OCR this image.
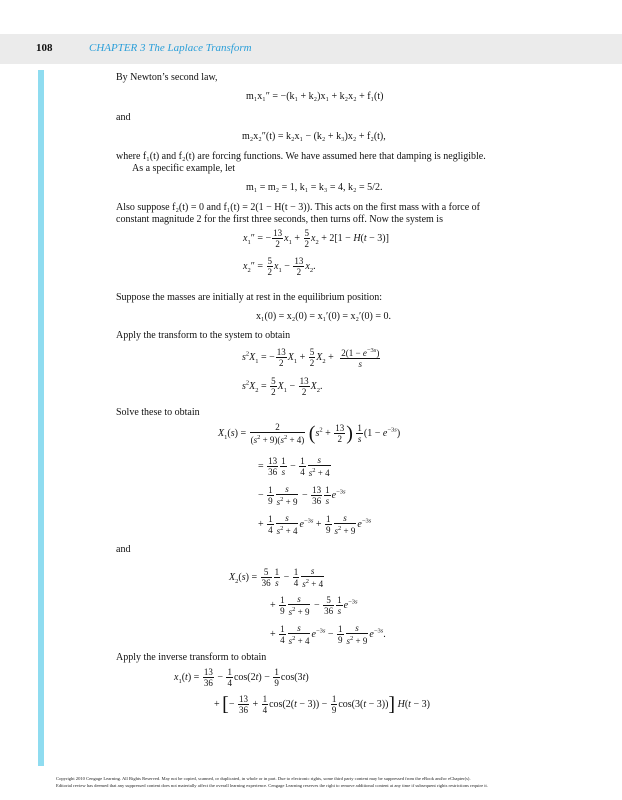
108	CHAPTER 3 The Laplace Transform
By Newton’s second law,
m₁x₁″ = −(k₁ + k₂)x₁ + k₂x₂ + f₁(t)
and
m₂x₂″(t) = k₂x₁ − (k₂ + k₃)x₂ + f₂(t),
where f₁(t) and f₂(t) are forcing functions. We have assumed here that damping is negligible.
As a specific example, let
m₁ = m₂ = 1, k₁ = k₃ = 4, k₂ = 5/2.
Also suppose f₂(t) = 0 and f₁(t) = 2(1 − H(t − 3)). This acts on the first mass with a force of
constant magnitude 2 for the first three seconds, then turns off. Now the system is
$x_1''$ = − $\frac{13}{2} x_1 + \frac{5}{2} x_2 + 2[1 - H(t - 3)]$
$x_2'' = \frac{5}{2} x_1 - \frac{13}{2} x_2$.
Suppose the masses are initially at rest in the equilibrium position:
x₁(0) = x₂(0) = x₁′(0) = x₂′(0) = 0.
Apply the transform to the system to obtain
$s^2X_1$ = − $\frac{13}{2} X_1 + \frac{5}{2} X_2 + \frac{2(1 - e^{-3s})}{s}$
$s^2X_2 = \frac{5}{2} X_1 - \frac{13}{2} X_2$.
Solve these to obtain
$X_1(s) = \frac{2}{(s^2 + 9)(s^2 + 4)} (s^2 + \frac{13}{2}$ ) $\frac{1}{s} (1 - e^{-3s})$
= $\frac{13}{36} \frac{1}{s} - \frac{1}{4} \frac{s}{s^2 + 4}$
− $\frac{1}{9} \frac{s}{s^2 + 9} - \frac{13}{36} \frac{1}{s} e^{-3s}$
+ $\frac{1}{4} \frac{s}{s^2 + 4} e^{-3s} + \frac{1}{9} \frac{s}{s^2 + 9} e^{-3s}$
and
$X_2(s) = \frac{5}{36} \frac{1}{s} - \frac{1}{4} \frac{s}{s^2 + 4}$
+ $\frac{1}{9} \frac{s}{s^2 + 9} - \frac{5}{36} \frac{1}{s} e^{-3s}$
+ $\frac{1}{4} \frac{s}{s^2 + 4} e^{-3s} - \frac{1}{9} \frac{s}{s^2 + 9} e^{-3s}$.
Apply the inverse transform to obtain
$x_1(t) = \frac{13}{36} - \frac{1}{4} \cos(2t) - \frac{1}{9} \cos(3t)$
+ [− $\frac{13}{36} + \frac{1}{4} \cos(2(t - 3)) - \frac{1}{9} \cos(3(t - 3))$] H(t − 3)
Copyright 2010 Cengage Learning. All Rights Reserved. May not be copied, scanned, or duplicated, in whole or in part. Due to electronic rights, some third party content may be suppressed from the eBook and/or eChapter(s).
Editorial review has deemed that any suppressed content does not materially affect the overall learning experience. Cengage Learning reserves the right to remove additional content at any time if subsequent rights restrictions require it.
